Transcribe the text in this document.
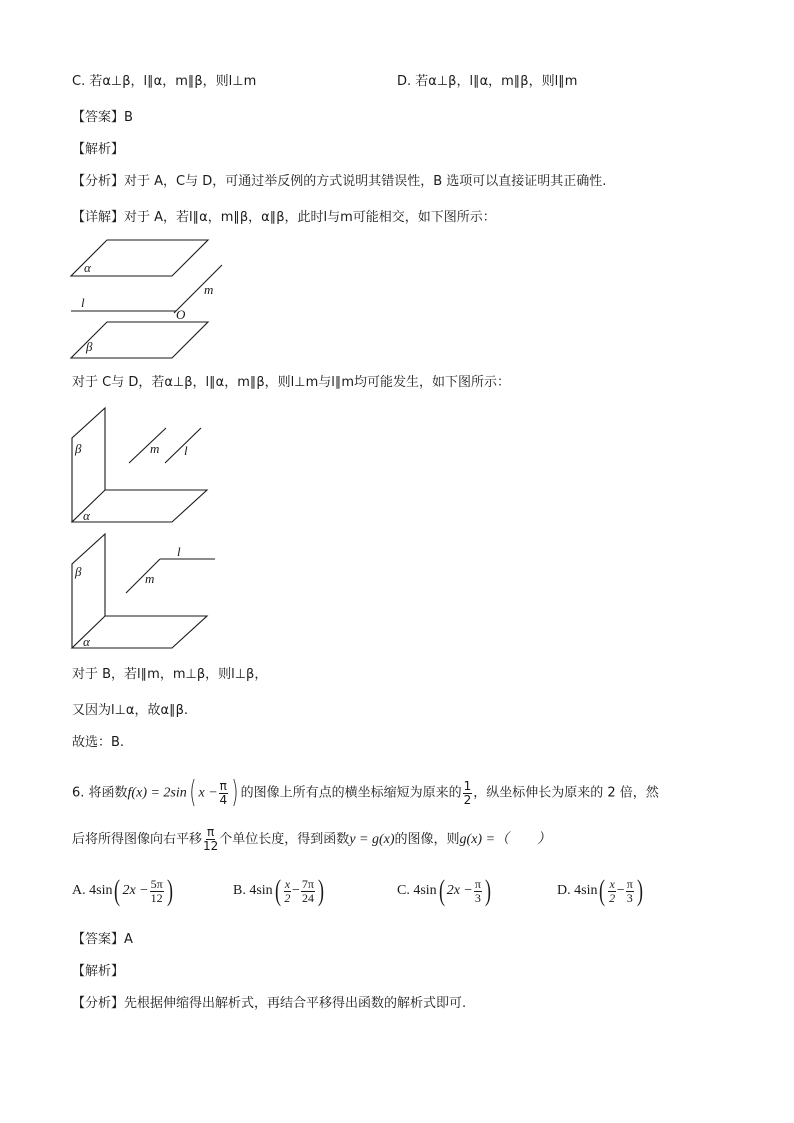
C. 若α⊥β，l∥α，m∥β，则l⊥m	D. 若α⊥β，l∥α，m∥β，则l∥m
【答案】B
【解析】
【分析】对于 A，C与 D，可通过举反例的方式说明其错误性，B 选项可以直接证明其正确性.
【详解】对于 A，若l∥α，m∥β，α∥β，此时l与m可能相交，如下图所示：
α
β
l
m
O
对于 C与 D，若α⊥β，l∥α，m∥β，则l⊥m与l∥m均可能发生，如下图所示：
β
α
m l
β
α
m
l
对于 B，若l∥m，m⊥β，则l⊥β，
又因为l⊥α，故α∥β.
故选：B.
6. 将函数f(x) = 2sin( $x - \frac{\pi}{4}$ ) 的图像上所有点的横坐标缩短为原来的 $\frac{1}{2}$ ，纵坐标伸长为原来的 2 倍，然
后将所得图像向右平移 $\frac{\pi}{12}$ 个单位长度，得到函数y = g(x)的图像，则g(x) =（　　）
A. 4sin( $2x - \frac{5\pi}{12}$ )	B. $4\sin( \frac{x}{2} - \frac{7\pi}{24}$ )	C. 4sin( $2x - \frac{\pi}{3}$ )	D. $4\sin( \frac{x}{2} - \frac{\pi}{3}$ )
【答案】A
【解析】
【分析】先根据伸缩得出解析式，再结合平移得出函数的解析式即可.
